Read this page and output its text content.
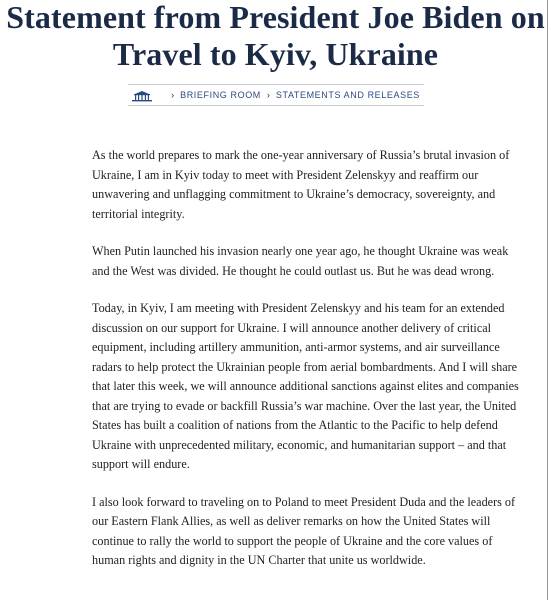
Statement from President Joe Biden on
Travel to Kyiv, Ukraine
› BRIEFING ROOM › STATEMENTS AND RELEASES

As the world prepares to mark the one-year anniversary of Russia’s brutal invasion of Ukraine, I am in Kyiv today to meet with President Zelenskyy and reaffirm our unwavering and unflagging commitment to Ukraine’s democracy, sovereignty, and territorial integrity.

When Putin launched his invasion nearly one year ago, he thought Ukraine was weak and the West was divided. He thought he could outlast us. But he was dead wrong.

Today, in Kyiv, I am meeting with President Zelenskyy and his team for an extended discussion on our support for Ukraine. I will announce another delivery of critical equipment, including artillery ammunition, anti-armor systems, and air surveillance radars to help protect the Ukrainian people from aerial bombardments. And I will share that later this week, we will announce additional sanctions against elites and companies that are trying to evade or backfill Russia’s war machine. Over the last year, the United States has built a coalition of nations from the Atlantic to the Pacific to help defend Ukraine with unprecedented military, economic, and humanitarian support – and that support will endure.

I also look forward to traveling on to Poland to meet President Duda and the leaders of our Eastern Flank Allies, as well as deliver remarks on how the United States will continue to rally the world to support the people of Ukraine and the core values of human rights and dignity in the UN Charter that unite us worldwide.
